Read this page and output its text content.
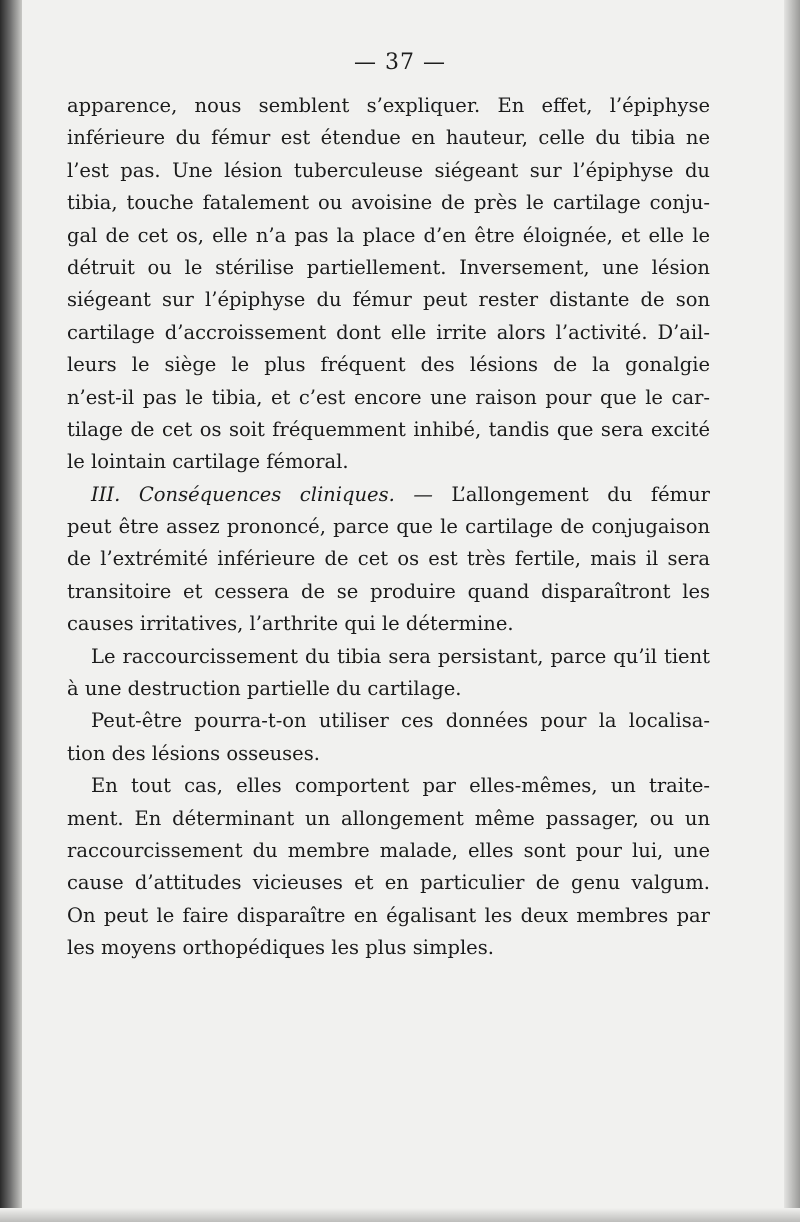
— 37 —
apparence, nous semblent s’expliquer. En effet, l’épiphyse
inférieure du fémur est étendue en hauteur, celle du tibia ne
l’est pas. Une lésion tuberculeuse siégeant sur l’épiphyse du
tibia, touche fatalement ou avoisine de près le cartilage conju-
gal de cet os, elle n’a pas la place d’en être éloignée, et elle le
détruit ou le stérilise partiellement. Inversement, une lésion
siégeant sur l’épiphyse du fémur peut rester distante de son
cartilage d’accroissement dont elle irrite alors l’activité. D’ail-
leurs le siège le plus fréquent des lésions de la gonalgie
n’est-il pas le tibia, et c’est encore une raison pour que le car-
tilage de cet os soit fréquemment inhibé, tandis que sera excité
le lointain cartilage fémoral.
III. Conséquences cliniques. — L’allongement du fémur
peut être assez prononcé, parce que le cartilage de conjugaison
de l’extrémité inférieure de cet os est très fertile, mais il sera
transitoire et cessera de se produire quand disparaîtront les
causes irritatives, l’arthrite qui le détermine.
Le raccourcissement du tibia sera persistant, parce qu’il tient
à une destruction partielle du cartilage.
Peut-être pourra-t-on utiliser ces données pour la localisa-
tion des lésions osseuses.
En tout cas, elles comportent par elles-mêmes, un traite-
ment. En déterminant un allongement même passager, ou un
raccourcissement du membre malade, elles sont pour lui, une
cause d’attitudes vicieuses et en particulier de genu valgum.
On peut le faire disparaître en égalisant les deux membres par
les moyens orthopédiques les plus simples.
